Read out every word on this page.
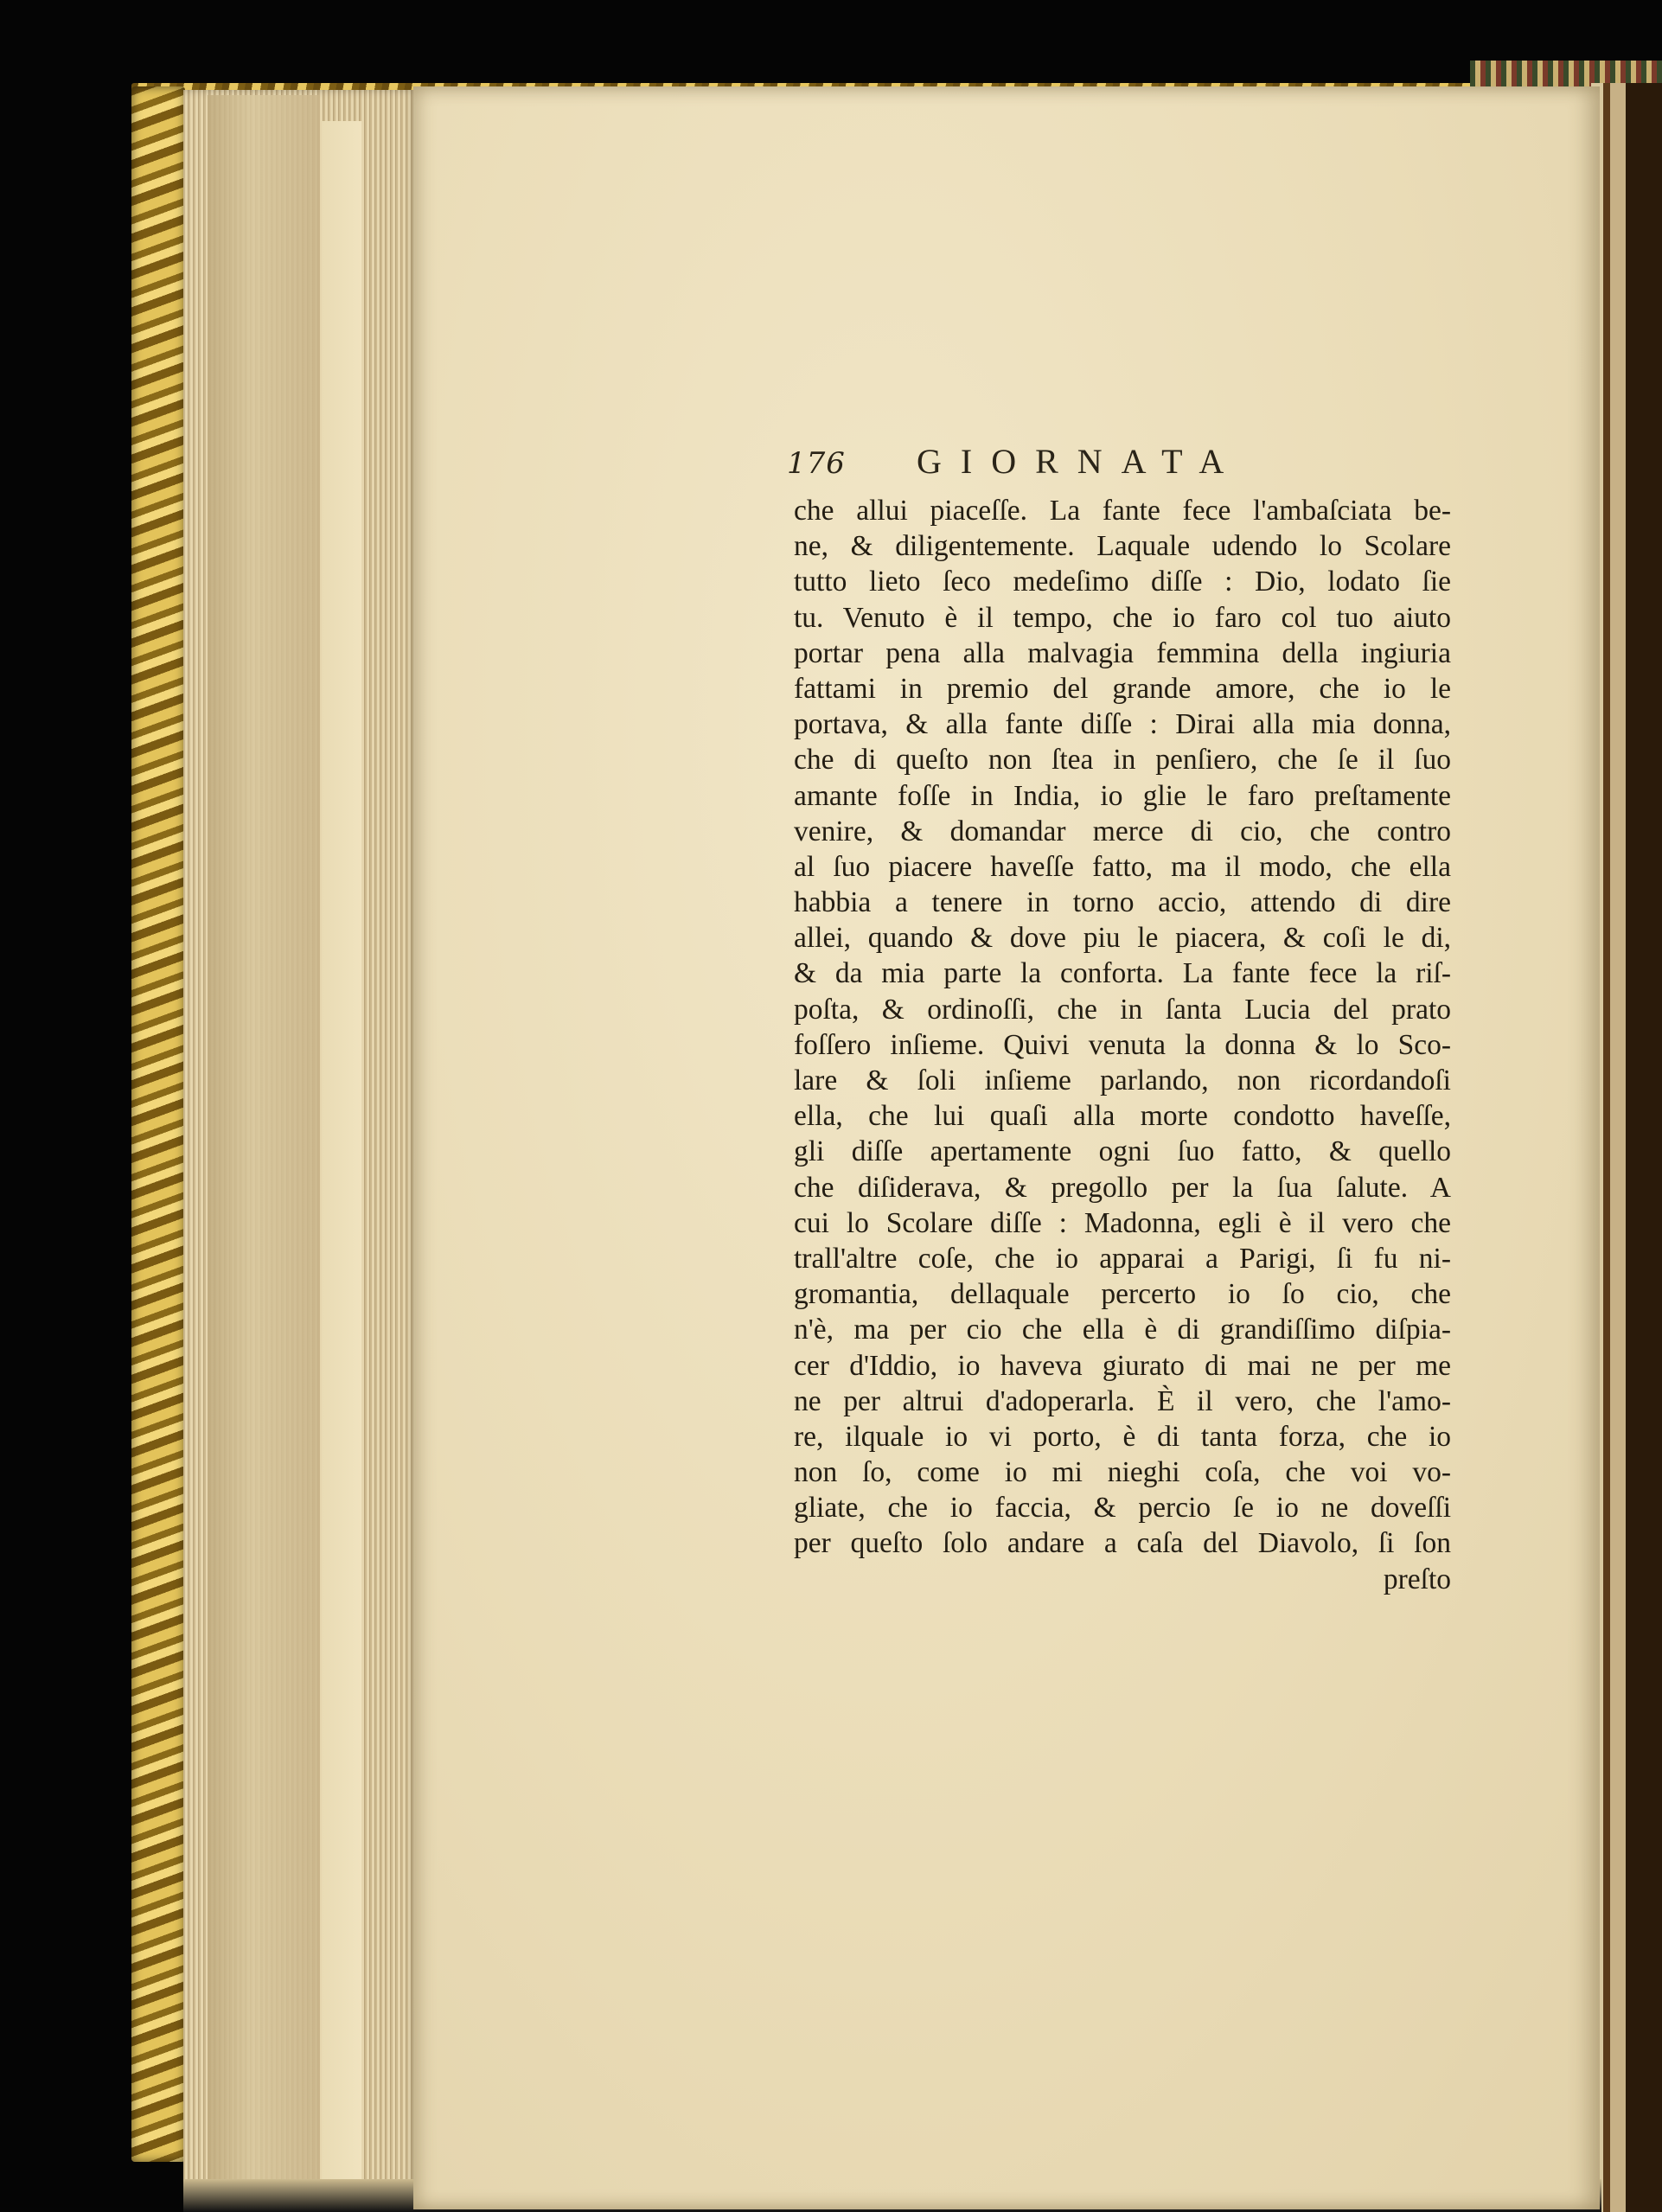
176 GIORNATA
che allui piaceſſe. La fante fece l'ambaſciata be-
ne, & diligentemente. Laquale udendo lo Scolare
tutto lieto ſeco medeſimo diſſe : Dio, lodato ſie
tu. Venuto è il tempo, che io faro col tuo aiuto
portar pena alla malvagia femmina della ingiuria
fattami in premio del grande amore, che io le
portava, & alla fante diſſe : Dirai alla mia donna,
che di queſto non ſtea in penſiero, che ſe il ſuo
amante foſſe in India, io glie le faro preſtamente
venire, & domandar merce di cio, che contro
al ſuo piacere haveſſe fatto, ma il modo, che ella
habbia a tenere in torno accio, attendo di dire
allei, quando & dove piu le piacera, & coſi le di,
& da mia parte la conforta. La fante fece la riſ-
poſta, & ordinoſſi, che in ſanta Lucia del prato
foſſero inſieme. Quivi venuta la donna & lo Sco-
lare & ſoli inſieme parlando, non ricordandoſi
ella, che lui quaſi alla morte condotto haveſſe,
gli diſſe apertamente ogni ſuo fatto, & quello
che diſiderava, & pregollo per la ſua ſalute. A
cui lo Scolare diſſe : Madonna, egli è il vero che
trall'altre coſe, che io apparai a Parigi, ſi fu ni-
gromantia, dellaquale percerto io ſo cio, che
n'è, ma per cio che ella è di grandiſſimo diſpia-
cer d'Iddio, io haveva giurato di mai ne per me
ne per altrui d'adoperarla. È il vero, che l'amo-
re, ilquale io vi porto, è di tanta forza, che io
non ſo, come io mi nieghi coſa, che voi vo-
gliate, che io faccia, & percio ſe io ne doveſſi
per queſto ſolo andare a caſa del Diavolo, ſi ſon
preſto
